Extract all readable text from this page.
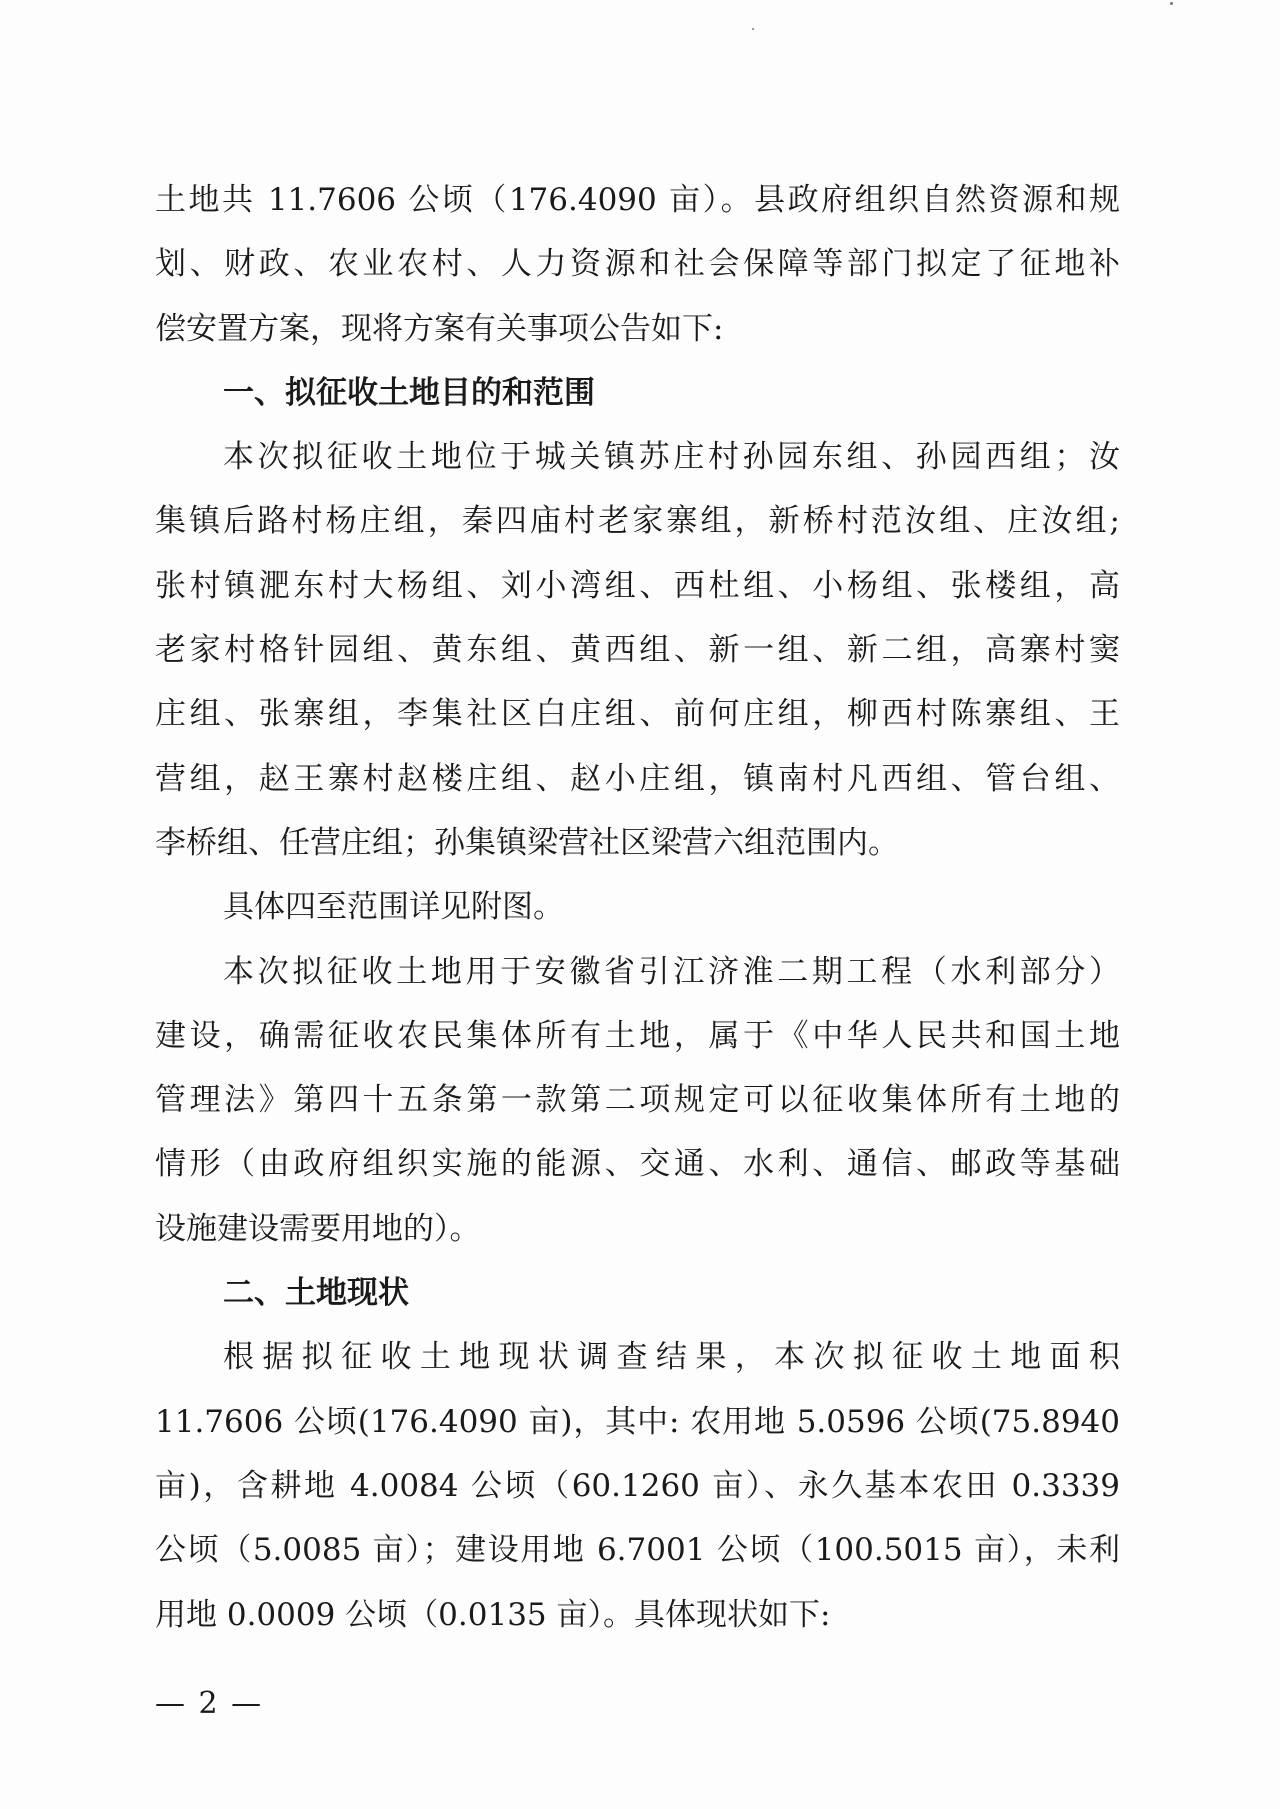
土地共 11.7606 公顷（176.4090 亩）。县政府组织自然资源和规
划、财政、农业农村、人力资源和社会保障等部门拟定了征地补
偿安置方案，现将方案有关事项公告如下:
一、拟征收土地目的和范围
本次拟征收土地位于城关镇苏庄村孙园东组、孙园西组；汝
集镇后路村杨庄组，秦四庙村老家寨组，新桥村范汝组、庄汝组;
张村镇淝东村大杨组、刘小湾组、西杜组、小杨组、张楼组，高
老家村格针园组、黄东组、黄西组、新一组、新二组，高寨村窦
庄组、张寨组，李集社区白庄组、前何庄组，柳西村陈寨组、王
营组，赵王寨村赵楼庄组、赵小庄组，镇南村凡西组、管台组、
李桥组、任营庄组；孙集镇梁营社区梁营六组范围内。
具体四至范围详见附图。
本次拟征收土地用于安徽省引江济淮二期工程（水利部分）
建设，确需征收农民集体所有土地，属于《中华人民共和国土地
管理法》第四十五条第一款第二项规定可以征收集体所有土地的
情形（由政府组织实施的能源、交通、水利、通信、邮政等基础
设施建设需要用地的）。
二、土地现状
根据拟征收土地现状调查结果，本次拟征收土地面积
11.7606 公顷(176.4090 亩)，其中: 农用地 5.0596 公顷(75.8940
亩)，含耕地 4.0084 公顷（60.1260 亩）、永久基本农田 0.3339
公顷（5.0085 亩）；建设用地 6.7001 公顷（100.5015 亩），未利
用地 0.0009 公顷（0.0135 亩）。具体现状如下:
— 2 —
